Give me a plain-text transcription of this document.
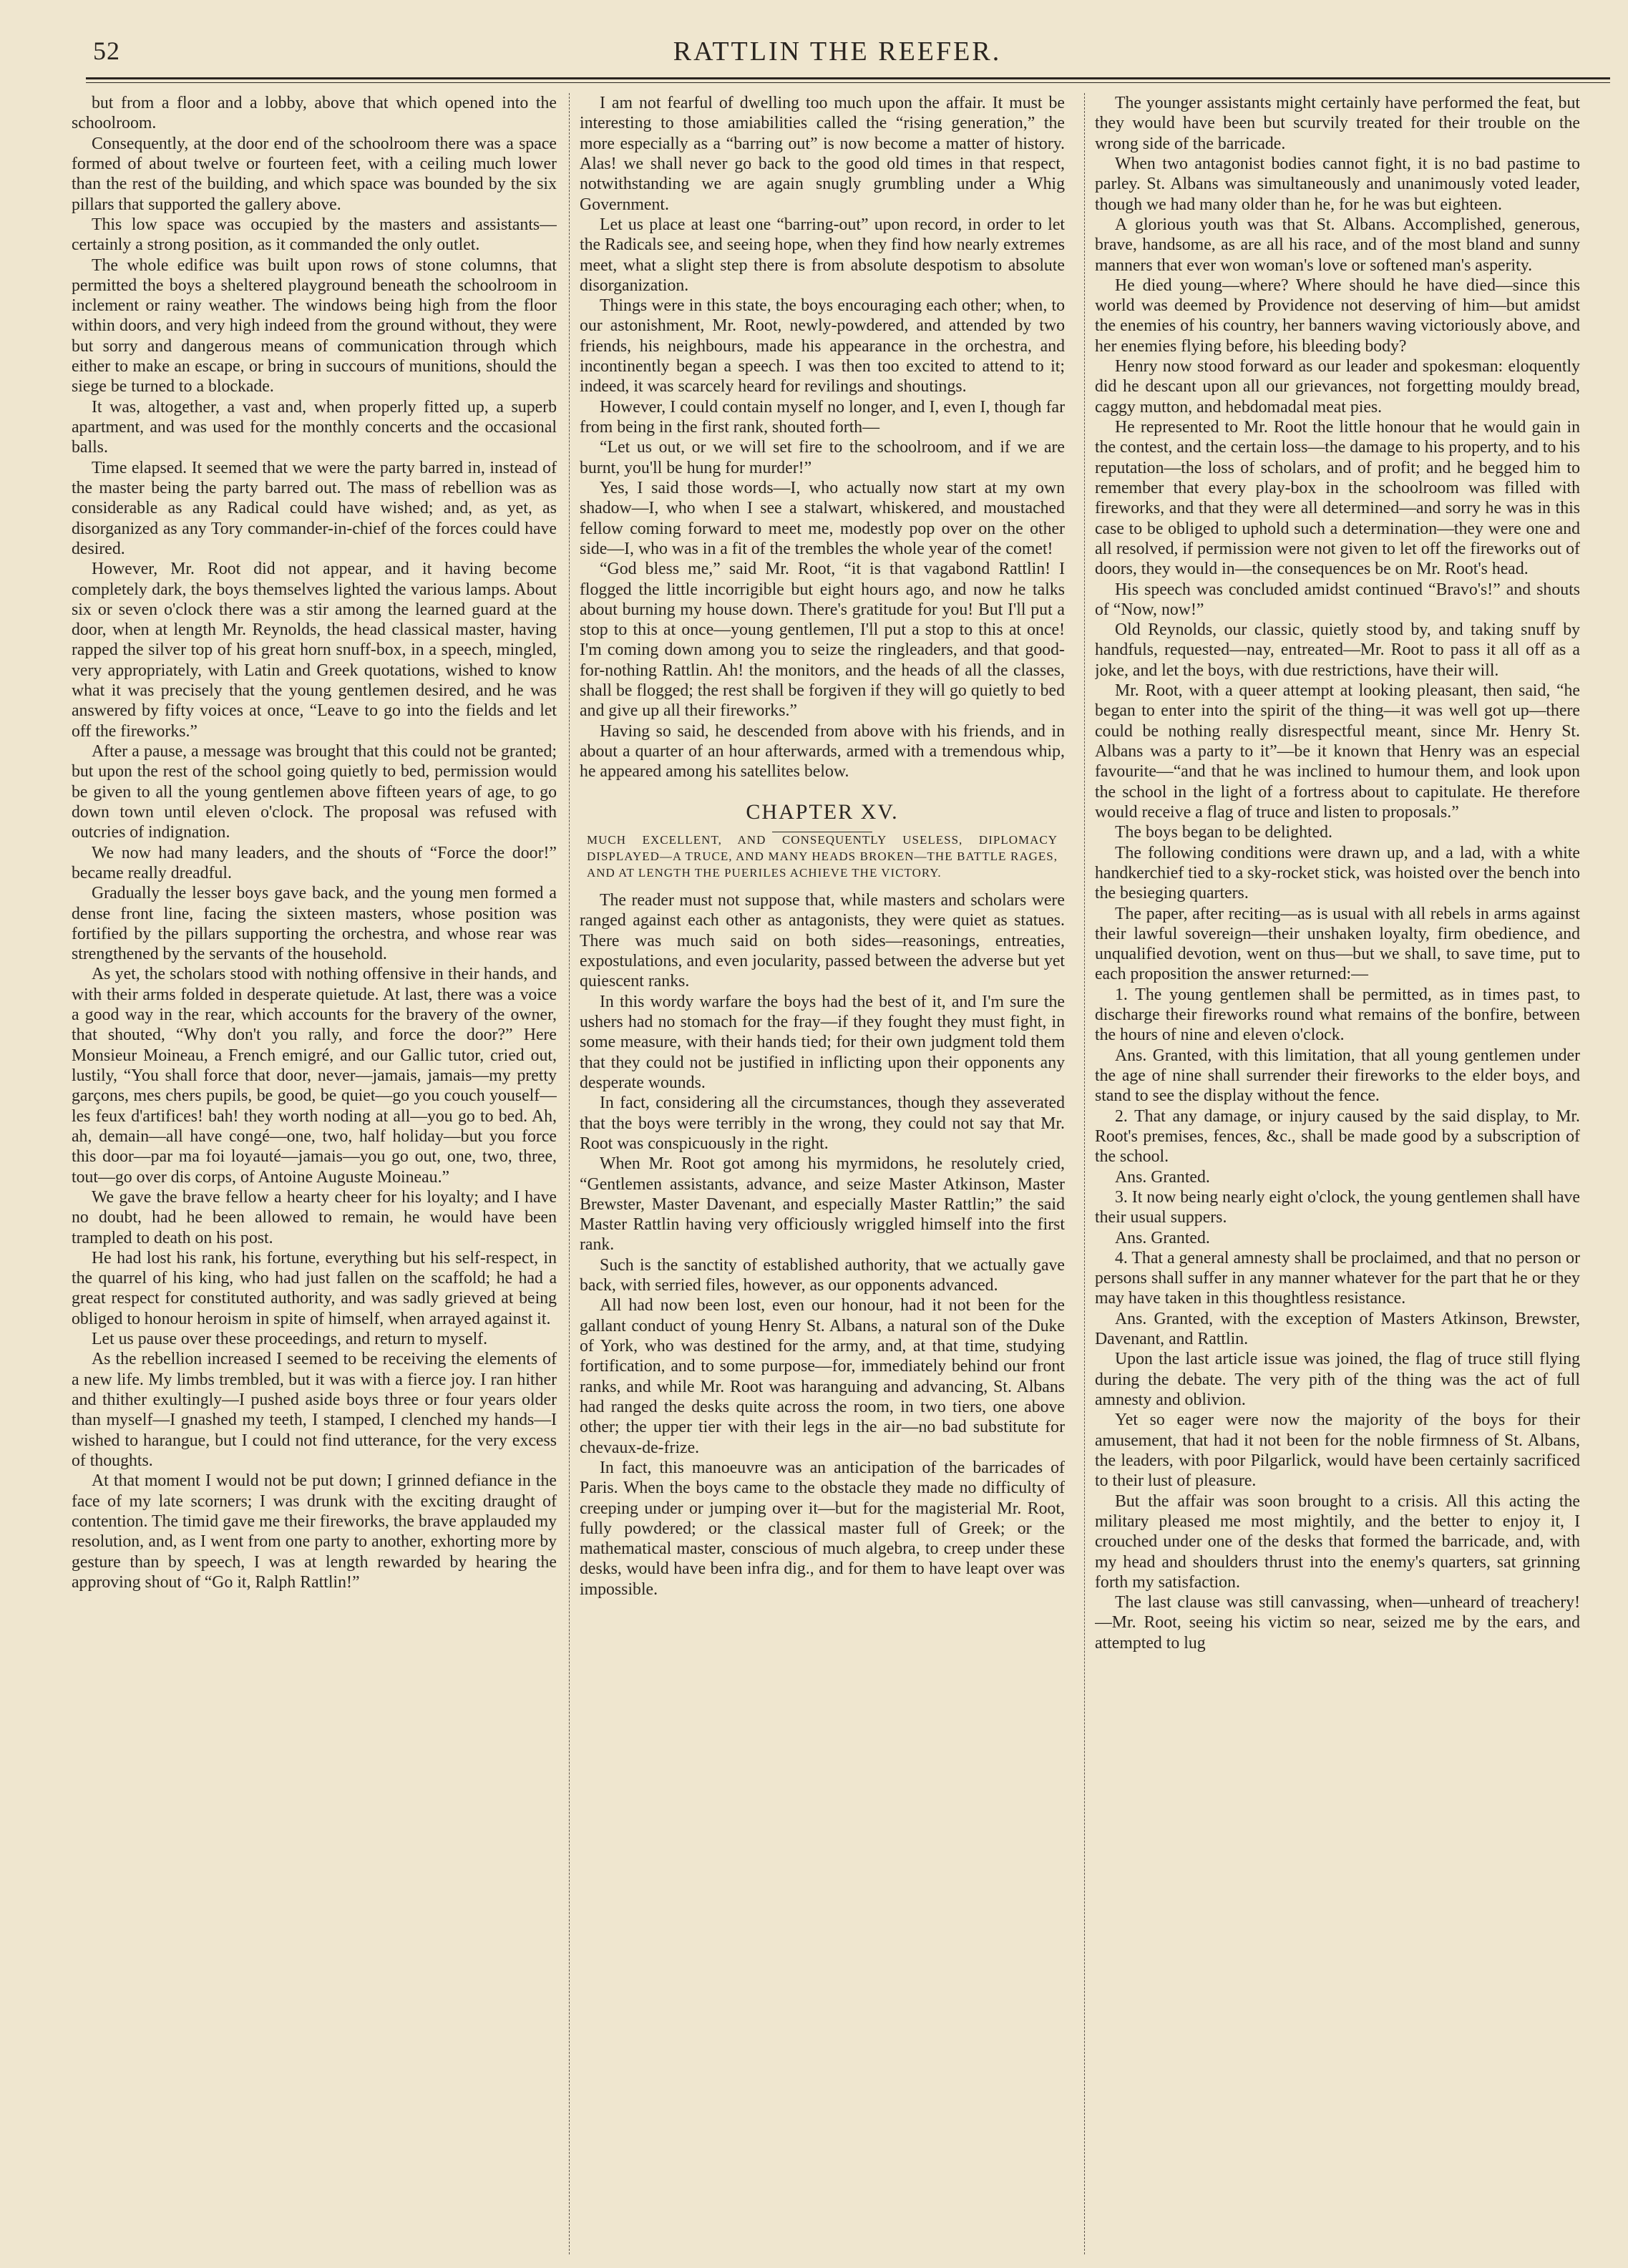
52	RATTLIN THE REEFER.

but from a floor and a lobby, above that which opened into the schoolroom.

Consequently, at the door end of the schoolroom there was a space formed of about twelve or fourteen feet, with a ceiling much lower than the rest of the building, and which space was bounded by the six pillars that supported the gallery above.

This low space was occupied by the masters and assistants—certainly a strong position, as it commanded the only outlet.

The whole edifice was built upon rows of stone columns, that permitted the boys a sheltered playground beneath the schoolroom in inclement or rainy weather. The windows being high from the floor within doors, and very high indeed from the ground without, they were but sorry and dangerous means of communication through which either to make an escape, or bring in succours of munitions, should the siege be turned to a blockade.

It was, altogether, a vast and, when properly fitted up, a superb apartment, and was used for the monthly concerts and the occasional balls.

Time elapsed. It seemed that we were the party barred in, instead of the master being the party barred out. The mass of rebellion was as considerable as any Radical could have wished; and, as yet, as disorganized as any Tory commander-in-chief of the forces could have desired.

However, Mr. Root did not appear, and it having become completely dark, the boys themselves lighted the various lamps. About six or seven o'clock there was a stir among the learned guard at the door, when at length Mr. Reynolds, the head classical master, having rapped the silver top of his great horn snuff-box, in a speech, mingled, very appropriately, with Latin and Greek quotations, wished to know what it was precisely that the young gentlemen desired, and he was answered by fifty voices at once, “Leave to go into the fields and let off the fireworks.”

After a pause, a message was brought that this could not be granted; but upon the rest of the school going quietly to bed, permission would be given to all the young gentlemen above fifteen years of age, to go down town until eleven o'clock. The proposal was refused with outcries of indignation.

We now had many leaders, and the shouts of “Force the door!” became really dreadful.

Gradually the lesser boys gave back, and the young men formed a dense front line, facing the sixteen masters, whose position was fortified by the pillars supporting the orchestra, and whose rear was strengthened by the servants of the household.

As yet, the scholars stood with nothing offensive in their hands, and with their arms folded in desperate quietude. At last, there was a voice a good way in the rear, which accounts for the bravery of the owner, that shouted, “Why don't you rally, and force the door?” Here Monsieur Moineau, a French emigré, and our Gallic tutor, cried out, lustily, “You shall force that door, never—jamais, jamais—my pretty garçons, mes chers pupils, be good, be quiet—go you couch youself—les feux d'artifices! bah! they worth noding at all—you go to bed. Ah, ah, demain—all have congé—one, two, half holiday—but you force this door—par ma foi loyauté—jamais—you go out, one, two, three, tout—go over dis corps, of Antoine Auguste Moineau.”

We gave the brave fellow a hearty cheer for his loyalty; and I have no doubt, had he been allowed to remain, he would have been trampled to death on his post.

He had lost his rank, his fortune, everything but his self-respect, in the quarrel of his king, who had just fallen on the scaffold; he had a great respect for constituted authority, and was sadly grieved at being obliged to honour heroism in spite of himself, when arrayed against it.

Let us pause over these proceedings, and return to myself.

As the rebellion increased I seemed to be receiving the elements of a new life. My limbs trembled, but it was with a fierce joy. I ran hither and thither exultingly—I pushed aside boys three or four years older than myself—I gnashed my teeth, I stamped, I clenched my hands—I wished to harangue, but I could not find utterance, for the very excess of thoughts.

At that moment I would not be put down; I grinned defiance in the face of my late scorners; I was drunk with the exciting draught of contention. The timid gave me their fireworks, the brave applauded my resolution, and, as I went from one party to another, exhorting more by gesture than by speech, I was at length rewarded by hearing the approving shout of “Go it, Ralph Rattlin!”

I am not fearful of dwelling too much upon the affair. It must be interesting to those amiabilities called the “rising generation,” the more especially as a “barring out” is now become a matter of history. Alas! we shall never go back to the good old times in that respect, notwithstanding we are again snugly grumbling under a Whig Government.

Let us place at least one “barring-out” upon record, in order to let the Radicals see, and seeing hope, when they find how nearly extremes meet, what a slight step there is from absolute despotism to absolute disorganization.

Things were in this state, the boys encouraging each other; when, to our astonishment, Mr. Root, newly-powdered, and attended by two friends, his neighbours, made his appearance in the orchestra, and incontinently began a speech. I was then too excited to attend to it; indeed, it was scarcely heard for revilings and shoutings.

However, I could contain myself no longer, and I, even I, though far from being in the first rank, shouted forth—

“Let us out, or we will set fire to the schoolroom, and if we are burnt, you'll be hung for murder!”

Yes, I said those words—I, who actually now start at my own shadow—I, who when I see a stalwart, whiskered, and moustached fellow coming forward to meet me, modestly pop over on the other side—I, who was in a fit of the trembles the whole year of the comet!

“God bless me,” said Mr. Root, “it is that vagabond Rattlin! I flogged the little incorrigible but eight hours ago, and now he talks about burning my house down. There's gratitude for you! But I'll put a stop to this at once—young gentlemen, I'll put a stop to this at once! I'm coming down among you to seize the ringleaders, and that good-for-nothing Rattlin. Ah! the monitors, and the heads of all the classes, shall be flogged; the rest shall be forgiven if they will go quietly to bed and give up all their fireworks.”

Having so said, he descended from above with his friends, and in about a quarter of an hour afterwards, armed with a tremendous whip, he appeared among his satellites below.

CHAPTER XV.
MUCH EXCELLENT, AND CONSEQUENTLY USELESS, DIPLOMACY DISPLAYED—A TRUCE, AND MANY HEADS BROKEN—THE BATTLE RAGES, AND AT LENGTH THE PUERILES ACHIEVE THE VICTORY.

The reader must not suppose that, while masters and scholars were ranged against each other as antagonists, they were quiet as statues. There was much said on both sides—reasonings, entreaties, expostulations, and even jocularity, passed between the adverse but yet quiescent ranks.

In this wordy warfare the boys had the best of it, and I'm sure the ushers had no stomach for the fray—if they fought they must fight, in some measure, with their hands tied; for their own judgment told them that they could not be justified in inflicting upon their opponents any desperate wounds.

In fact, considering all the circumstances, though they asseverated that the boys were terribly in the wrong, they could not say that Mr. Root was conspicuously in the right.

When Mr. Root got among his myrmidons, he resolutely cried, “Gentlemen assistants, advance, and seize Master Atkinson, Master Brewster, Master Davenant, and especially Master Rattlin;” the said Master Rattlin having very officiously wriggled himself into the first rank.

Such is the sanctity of established authority, that we actually gave back, with serried files, however, as our opponents advanced.

All had now been lost, even our honour, had it not been for the gallant conduct of young Henry St. Albans, a natural son of the Duke of York, who was destined for the army, and, at that time, studying fortification, and to some purpose—for, immediately behind our front ranks, and while Mr. Root was haranguing and advancing, St. Albans had ranged the desks quite across the room, in two tiers, one above other; the upper tier with their legs in the air—no bad substitute for chevaux-de-frize.

In fact, this manoeuvre was an anticipation of the barricades of Paris. When the boys came to the obstacle they made no difficulty of creeping under or jumping over it—but for the magisterial Mr. Root, fully powdered; or the classical master full of Greek; or the mathematical master, conscious of much algebra, to creep under these desks, would have been infra dig., and for them to have leapt over was impossible.

The younger assistants might certainly have performed the feat, but they would have been but scurvily treated for their trouble on the wrong side of the barricade.

When two antagonist bodies cannot fight, it is no bad pastime to parley. St. Albans was simultaneously and unanimously voted leader, though we had many older than he, for he was but eighteen.

A glorious youth was that St. Albans. Accomplished, generous, brave, handsome, as are all his race, and of the most bland and sunny manners that ever won woman's love or softened man's asperity.

He died young—where? Where should he have died—since this world was deemed by Providence not deserving of him—but amidst the enemies of his country, her banners waving victoriously above, and her enemies flying before, his bleeding body?

Henry now stood forward as our leader and spokesman: eloquently did he descant upon all our grievances, not forgetting mouldy bread, caggy mutton, and hebdomadal meat pies.

He represented to Mr. Root the little honour that he would gain in the contest, and the certain loss—the damage to his property, and to his reputation—the loss of scholars, and of profit; and he begged him to remember that every play-box in the schoolroom was filled with fireworks, and that they were all determined—and sorry he was in this case to be obliged to uphold such a determination—they were one and all resolved, if permission were not given to let off the fireworks out of doors, they would in—the consequences be on Mr. Root's head.

His speech was concluded amidst continued “Bravo's!” and shouts of “Now, now!”

Old Reynolds, our classic, quietly stood by, and taking snuff by handfuls, requested—nay, entreated—Mr. Root to pass it all off as a joke, and let the boys, with due restrictions, have their will.

Mr. Root, with a queer attempt at looking pleasant, then said, “he began to enter into the spirit of the thing—it was well got up—there could be nothing really disrespectful meant, since Mr. Henry St. Albans was a party to it”—be it known that Henry was an especial favourite—“and that he was inclined to humour them, and look upon the school in the light of a fortress about to capitulate. He therefore would receive a flag of truce and listen to proposals.”

The boys began to be delighted.

The following conditions were drawn up, and a lad, with a white handkerchief tied to a sky-rocket stick, was hoisted over the bench into the besieging quarters.

The paper, after reciting—as is usual with all rebels in arms against their lawful sovereign—their unshaken loyalty, firm obedience, and unqualified devotion, went on thus—but we shall, to save time, put to each proposition the answer returned:—

1. The young gentlemen shall be permitted, as in times past, to discharge their fireworks round what remains of the bonfire, between the hours of nine and eleven o'clock.

Ans. Granted, with this limitation, that all young gentlemen under the age of nine shall surrender their fireworks to the elder boys, and stand to see the display without the fence.

2. That any damage, or injury caused by the said display, to Mr. Root's premises, fences, &c., shall be made good by a subscription of the school.

Ans. Granted.

3. It now being nearly eight o'clock, the young gentlemen shall have their usual suppers.

Ans. Granted.

4. That a general amnesty shall be proclaimed, and that no person or persons shall suffer in any manner whatever for the part that he or they may have taken in this thoughtless resistance.

Ans. Granted, with the exception of Masters Atkinson, Brewster, Davenant, and Rattlin.

Upon the last article issue was joined, the flag of truce still flying during the debate. The very pith of the thing was the act of full amnesty and oblivion.

Yet so eager were now the majority of the boys for their amusement, that had it not been for the noble firmness of St. Albans, the leaders, with poor Pilgarlick, would have been certainly sacrificed to their lust of pleasure.

But the affair was soon brought to a crisis. All this acting the military pleased me most mightily, and the better to enjoy it, I crouched under one of the desks that formed the barricade, and, with my head and shoulders thrust into the enemy's quarters, sat grinning forth my satisfaction.

The last clause was still canvassing, when—unheard of treachery!—Mr. Root, seeing his victim so near, seized me by the ears, and attempted to lug
